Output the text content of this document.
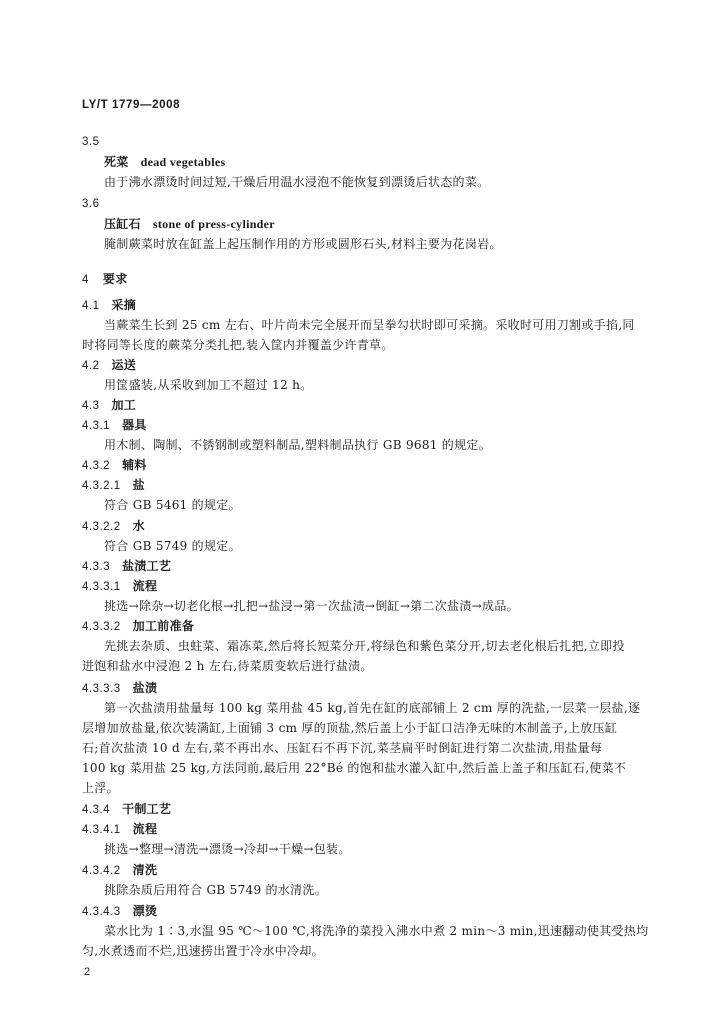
LY/T 1779—2008
3.5
死菜 dead vegetables
由于沸水漂烫时间过短,干燥后用温水浸泡不能恢复到漂烫后状态的菜。
3.6
压缸石 stone of press-cylinder
腌制蕨菜时放在缸盖上起压制作用的方形或圆形石头,材料主要为花岗岩。
4 要求
4.1 采摘
当蕨菜生长到 25 cm 左右、叶片尚未完全展开而呈拳勾状时即可采摘。采收时可用刀割或手掐,同
时将同等长度的蕨菜分类扎把,装入筐内并覆盖少许青草。
4.2 运送
用筐盛装,从采收到加工不超过 12 h。
4.3 加工
4.3.1 器具
用木制、陶制、不锈钢制或塑料制品,塑料制品执行 GB 9681 的规定。
4.3.2 辅料
4.3.2.1 盐
符合 GB 5461 的规定。
4.3.2.2 水
符合 GB 5749 的规定。
4.3.3 盐渍工艺
4.3.3.1 流程
挑选→除杂→切老化根→扎把→盐浸→第一次盐渍→倒缸→第二次盐渍→成品。
4.3.3.2 加工前准备
先挑去杂质、虫蛀菜、霜冻菜,然后将长短菜分开,将绿色和紫色菜分开,切去老化根后扎把,立即投
进饱和盐水中浸泡 2 h 左右,待菜质变软后进行盐渍。
4.3.3.3 盐渍
第一次盐渍用盐量每 100 kg 菜用盐 45 kg,首先在缸的底部铺上 2 cm 厚的洗盐,一层菜一层盐,逐
层增加放盐量,依次装满缸,上面铺 3 cm 厚的顶盐,然后盖上小于缸口洁净无味的木制盖子,上放压缸
石;首次盐渍 10 d 左右,菜不再出水、压缸石不再下沉,菜茎扁平时倒缸进行第二次盐渍,用盐量每
100 kg 菜用盐 25 kg,方法同前,最后用 22°Bé 的饱和盐水灌入缸中,然后盖上盖子和压缸石,使菜不
上浮。
4.3.4 干制工艺
4.3.4.1 流程
挑选→整理→清洗→漂烫→冷却→干燥→包装。
4.3.4.2 清洗
挑除杂质后用符合 GB 5749 的水清洗。
4.3.4.3 漂烫
菜水比为 1∶3,水温 95 ℃～100 ℃,将洗净的菜投入沸水中煮 2 min～3 min,迅速翻动使其受热均
匀,水煮透而不烂,迅速捞出置于冷水中冷却。
2
